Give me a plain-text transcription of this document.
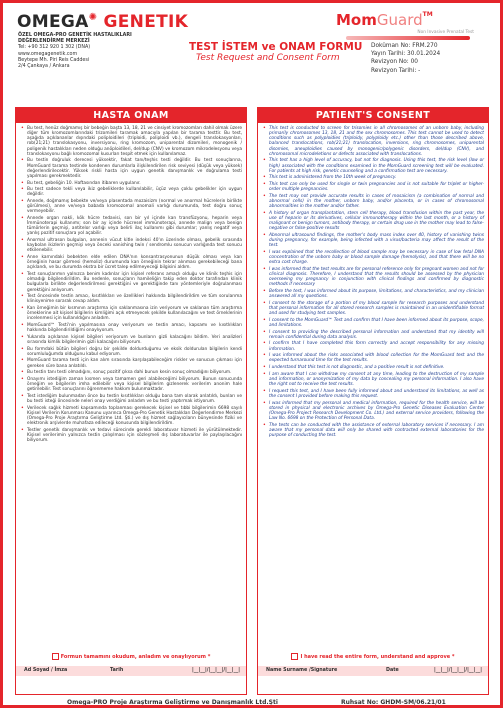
OMEGA✺ GENETIK
ÖZEL OMEGA-PRO GENETİK HASTALIKLARI
DEĞERLENDİRME MERKEZİ
Tel: +90 312 920 1 302 (DNA)
www.omegagenetik.com
Beytepe Mh. Piri Reis Caddesi
2/4 Çankaya / Ankara
MomGuard™
Non Invasive Prenatal Test
TEST İSTEM ve ONAM FORMU
Test Request and Consent Form
Doküman No: FRM.270
Yayın Tarihi: 30.01.2024
Revizyon No: 00
Revizyon Tarihi: -
HASTA ONAM
• Bu test, henüz doğmamış bir bebeğin başta 13, 18, 21 ve cinsiyet kromozomları dahil olmak üzere diğer tüm kromozomlarındaki trizomileri taramak amacıyla yapılan bir tarama testtir. Bu test, aşağıda açıklananlar dışındaki poliploidileri (triploidi, poliploidi vb.), dengeli translokasyonları, rob(21;21) translokasyonu, inversiyonu, ring kromozom, uniparental dizomileri, monogenik / poligenik hastalıkları neden olduğu anöploidileri, del/dup (CNV) ve kromozom mikrodelesyonu veya translokasyonu bağlı kromozomal kusurları tespit etmek için kullanılamaz.
• Bu testin doğruluk derecesi yüksektir, fakat tanı/teşhis testi değildir. Bu test sonuçlarına, MomGuard tarama testinde kondenen durumlarla ilişkilendirilen risk seviyesi (düşük veya yüksek) değerlendirilecektir. Yüksek riskli hasta için uygun genetik danışmanlık ve doğrulama testi yapılması gerekmektedir.
• Bu test, gebeliğin 10. Haftasından itibaren uygulanır.
• Bu test sadece tekli veya ikiz gebeliklerde kullanılabilir, üçüz veya çoklu gebelikler için uygun değildir.
• Annede, doğmamış bebekte ve/veya plasentada mozaisizm (normal ve anormal hücrelerin birlikte görülmesi), anne ve/veya babada kromozomal anomali varlığı durumunda, test doğru sonuç vermeyebilir.
• Annede organ nakli, kök hücre tedavisi, son bir yıl içinde kan transfüzyonu, heparin veya İmmünoterapi kullanımı; son bir ay içinde hücresel immünoterapi, annede malign veya benign tümörlerin geçmişi, antitelor varlığı veya belirli ilaç kullanımı gibi durumlar; yanlış negatif veya yanlış pozitif sonuçlara yol açabilir.
• Anormal ultrason bulguları, annenin vücut kitle indeksi 40'ın üzerinde olması, gebelik sırasında kaybolan ikizlerin geçmişi veya önceki vanishing twin / sendromlu sonucun varlığında test sonucu etkilenebilir.
• Anne karnındaki bebekten elde edilen DNA'nın konsantrasyonunun düşük olması veya kan örneğinin hasar görmesi (hemoliz) durumunda kan örneğinin tekrar alınması gerekebileceği bana açıklandı, ve bu durumda ekstra bir ücret talep edilmeyeceği bilgisini aldım.
• Test sonuçlarımın yalnızca benim kadınlar için kişisel referans amaçlı olduğu ve klinik teşhis için olmadığı bilgilendirildim. Bu nedenle, sonuçların hamileliğin takip eden doktor tarafından klinik bulgularla birlikte değerlendirilmesi gerektiğini ve gerektiğinde tanı yöntemleriyle doğrulanması gerektiğini anlıyorum.
• Test öncesinde testin amacı, kısıtlılıkları ve özellikleri hakkında bilgilendirildim ve tüm sorularıma klinisyenime sorarak cevap aldım.
• Kan örneğimin bir kısmının araştırma için saklanmasına izin veriyorum ve saklanan tüm araştırma örneklerine ait kişisel bilgilerin kimliğimi açık etmeyecek şekilde kullanılacağını ve test örneklerinin incelenmesi için kullanıldığını anladım.
• MomGuard™ Testi'nin yapılmasına onay veriyorum ve testin amacı, kapsamı ve kısıtlılıkları hakkında bilgilendirildiğimi onaylıyorum.
• Yukarıda açıklanan kişisel bilgileri veriyorum ve bunların gizli kalacağını bildim. Veri analizleri sırasında kimlik bilgilerimin gizli kalacağını biliyorum.
• Bu formdaki bütün bilgileri doğru bir şekilde doldurduğumu ve eksik doldurulan bilgilerin kendi sorumluluğumda olduğunu kabul ediyorum.
• MomGuard tarama testi için kan alım sırasında karşılaşabileceğim riskler ve sonucun çıkması için gereken süre bana anlatıldı.
• Bu testin tanı testi olmadığını, sonuç pozitif çıksa dahi bunun kesin sonuç olmadığını biliyorum.
• Onayımı istediğim zaman kısmen veya tamamen geri alabileceğimi biliyorum. Bunun sonucunda örneğim ve bilgilerim imha edilebilir veya kişisel bilgilerim gizlenerek verilerim anonim hale getirilebilir. Test sonuçlarını öğrenmeme hakkım bulunmaktadır.
• Test istediğim bulunmadan önce bu testin kısıtlılıkları olduğu bana tam olarak anlatıldı, bunları ve bu testi isteği öncesinde neleri onay verdiğimi anladım ve bu testi yaptırmak istiyorum.
• Verilecek sağlık hizmeti kapsamında toplanması gerekecek kişisel ve tıbbi bilgilerimin 6698 sayılı Kişisel Verilerin Korunması Kanunu uyarınca Omega-Pro Genetik Hastalıkları Değerlendirme Merkezi (Omega-Pro Proje Araştırma Geliştirme Ltd. Şti.) ve dış hizmet sağlayıcıların bünyesinde fiziki ve elektronik arşivlerde muhafaza edileceği konusunda bilgilendirildim.
• Testler genetik danışmanlık ve tedavi sürecinde gerekli laboratuvar hizmeti ile yürütülmektedir. Kişisel verilerimin yalnızca testin çalışılması için sözleşmeli dış laboratuvarlar ile paylaşılacağını biliyorum.
Formun tamamını okudum, anladım ve onaylıyorum *
Ad Soyad / İmza	Tarih	|__|__|/|__|__|/|__|__|
PATIENT'S CONSENT
• This test is conducted to screen for trisomies in all chromosomes of an unborn baby, including primarily chromosomes 13, 18, 21 and the sex chromosomes. This test cannot be used to detect conditions such as polyploidies (triploidy, polyploidy etc.) other than those described above, balanced translocations, rob(21;21) translocation, inversions, ring chromosomes, uniparental disomies, aneuploidies caused by monogenic/polygenic disorders, del/dup (CNV), and chromosomal microdeletions or defects associated with translocations.
• This test has a high level of accuracy, but not for diagnosis. Using this test, the risk level (low or high) associated with the conditions examined in the MomGuard screening test will be evaluated. For patients at high risk, genetic counseling and a confirmation test are necessary.
• This test is administered from the 10th week of pregnancy.
• This test can only be used for single or twin pregnancies and is not suitable for triplet or higher-order multiple pregnancies.
• The test may not provide accurate results in cases of mosaicism (a combination of normal and abnormal cells) in the mother, unborn baby, and/or placenta, or in cases of chromosomal abnormalities in the mother and/or father.
• A history of organ transplantation, stem cell therapy, blood transfusion within the past year, the use of heparin or its derivatives, cellular immunotherapy within the last month, or a history of malignant or benign tumors, antibody therapy, or certain drug use in the mother may lead to false-negative or false-positive results
• Abnormal ultrasound findings, the mother's body mass index over 40, history of vanishing twins during pregnancy, for example, being infected with a virus/bacteria may affect the result of the test.
• I was explained that the recollection of blood sample may be necessary in case of low fetal DNA concentration of the unborn baby or blood sample damage (hemolysis), and that there will be no extra cost charge.
• I was informed that the test results are for personal reference only for pregnant women and not for clinical diagnosis. Therefore, I understand that the results should be assessed by the physician overseeing my pregnancy in conjunction with clinical findings and confirmed by diagnostic methods if necessary
• Before the test, I was informed about its purpose, limitations, and characteristics, and my clinician answered all my questions.
• I consent to the storage of a portion of my blood sample for research purposes and understand that personal information for all stored research samples is maintained in an unidentifiable format and used for studying test samples.
• I consent to the MomGuard™ Test and confirm that I have been informed about its purpose, scope, and limitations.
• I consent to providing the described personal information and understand that my identity will remain confidential during data analysis.
• I confirm that I have completed this form correctly and accept responsibility for any missing information.
• I was informed about the risks associated with blood collection for the MomGuard test and the expected turnaround time for the test results.
• I understand that this test is not diagnostic, and a positive result is not definitive.
• I am aware that I can withdraw my consent at any time, leading to the destruction of my sample and information, or anonymization of my data by concealing my personal information. I also have the right not to receive the test results.
• I request this test, and I have been fully informed about and understand its limitations, as well as the consent I provided before making this request.
• I was informed that my personal and medical information, required for the health service, will be stored in physical and electronic archives by Omega-Pro Genetic Diseases Evaluation Center (Omega-Pro Project Research Development Co. Ltd.) and external service providers, following the Law No. 6698 on the Protection of Personal Data.
• The tests can be conducted with the assistance of external laboratory services if necessary. I am aware that my personal data will only be shared with contracted external laboratories for the purpose of conducting the test.
I have read the entire form, understand and approve *
Name Surname /Signature	Date	|__|__|/|__|__|/|__|__|
Omega-PRO Proje Araştırma Geliştirme ve Danışmanlık Ltd.Şti	Ruhsat No: GHDM-SM/06.21/01
